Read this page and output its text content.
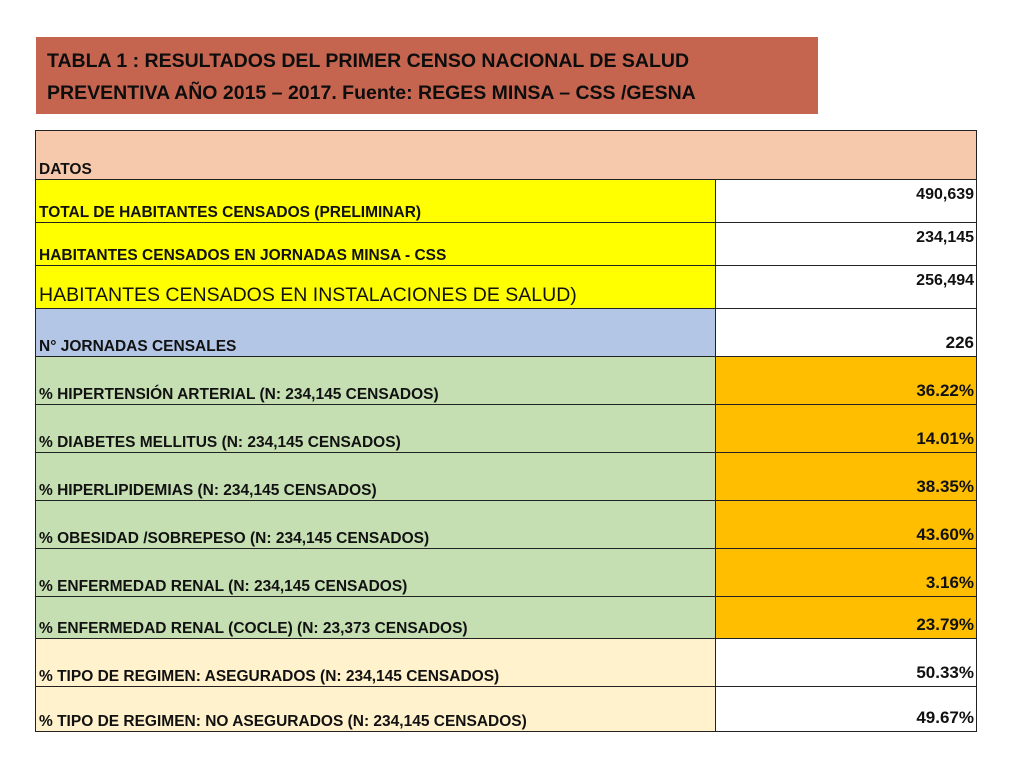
TABLA 1 : RESULTADOS DEL PRIMER CENSO NACIONAL DE SALUD
PREVENTIVA AÑO 2015 – 2017. Fuente: REGES MINSA – CSS /GESNA
DATOS	
TOTAL DE HABITANTES CENSADOS (PRELIMINAR)	490,639
HABITANTES CENSADOS EN JORNADAS MINSA - CSS	234,145
HABITANTES CENSADOS EN INSTALACIONES DE SALUD)	256,494
N° JORNADAS CENSALES	226
% HIPERTENSIÓN ARTERIAL (N: 234,145 CENSADOS)	36.22%
% DIABETES MELLITUS (N: 234,145 CENSADOS)	14.01%
% HIPERLIPIDEMIAS (N: 234,145 CENSADOS)	38.35%
% OBESIDAD /SOBREPESO (N: 234,145 CENSADOS)	43.60%
% ENFERMEDAD RENAL (N: 234,145 CENSADOS)	3.16%
% ENFERMEDAD RENAL (COCLE) (N: 23,373 CENSADOS)	23.79%
% TIPO DE REGIMEN: ASEGURADOS (N: 234,145 CENSADOS)	50.33%
% TIPO DE REGIMEN: NO ASEGURADOS (N: 234,145 CENSADOS)	49.67%
